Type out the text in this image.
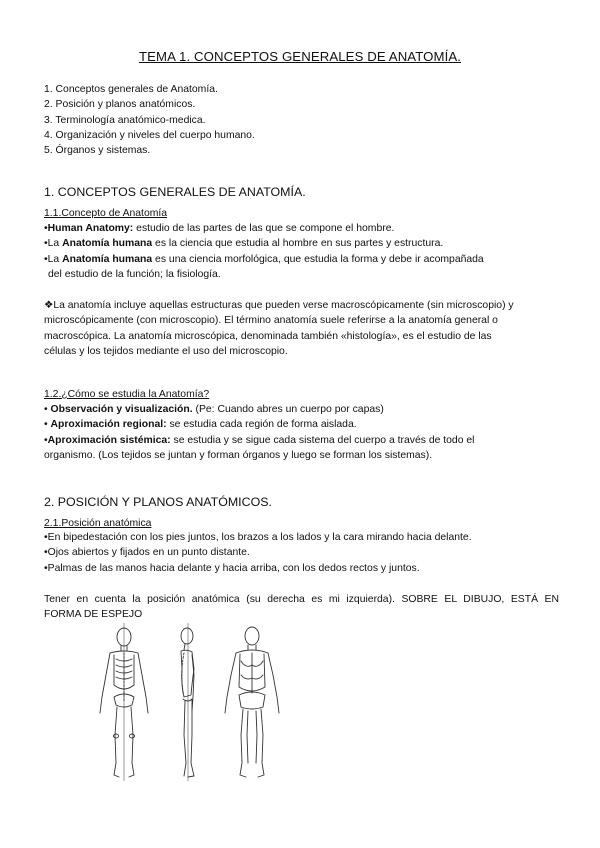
TEMA 1. CONCEPTOS GENERALES DE ANATOMÍA.
1. Conceptos generales de Anatomía.
2. Posición y planos anatómicos.
3. Terminología anatómico-medica.
4. Organización y niveles del cuerpo humano.
5. Órganos y sistemas.
1. CONCEPTOS GENERALES DE ANATOMÍA.
1.1.Concepto de Anatomía

•Human Anatomy: estudio de las partes de las que se compone el hombre.

•La Anatomía humana es la ciencia que estudia al hombre en sus partes y estructura.

•La Anatomía humana es una ciencia morfológica, que estudia la forma y debe ir acompañada

del estudio de la función; la fisiología.

❖La anatomía incluye aquellas estructuras que pueden verse macroscópicamente (sin microscopio) y

microscópicamente (con microscopio). El término anatomía suele referirse a la anatomía general o

macroscópica. La anatomía microscópica, denominada también «histología», es el estudio de las

células y los tejidos mediante el uso del microscopio.

1.2.¿Cómo se estudia la Anatomía?

• Observación y visualización. (Pe: Cuando abres un cuerpo por capas)

• Aproximación regional: se estudia cada región de forma aislada.

•Aproximación sistémica: se estudia y se sigue cada sistema del cuerpo a través de todo el

organismo. (Los tejidos se juntan y forman órganos y luego se forman los sistemas).

2. POSICIÓN Y PLANOS ANATÓMICOS.
2.1.Posición anatómica

•En bipedestación con los pies juntos, los brazos a los lados y la cara mirando hacia delante.

•Ojos abiertos y fijados en un punto distante.

•Palmas de las manos hacia delante y hacia arriba, con los dedos rectos y juntos.

Tener en cuenta la posición anatómica (su derecha es mi izquierda). SOBRE EL DIBUJO, ESTÁ EN

FORMA DE ESPEJO
